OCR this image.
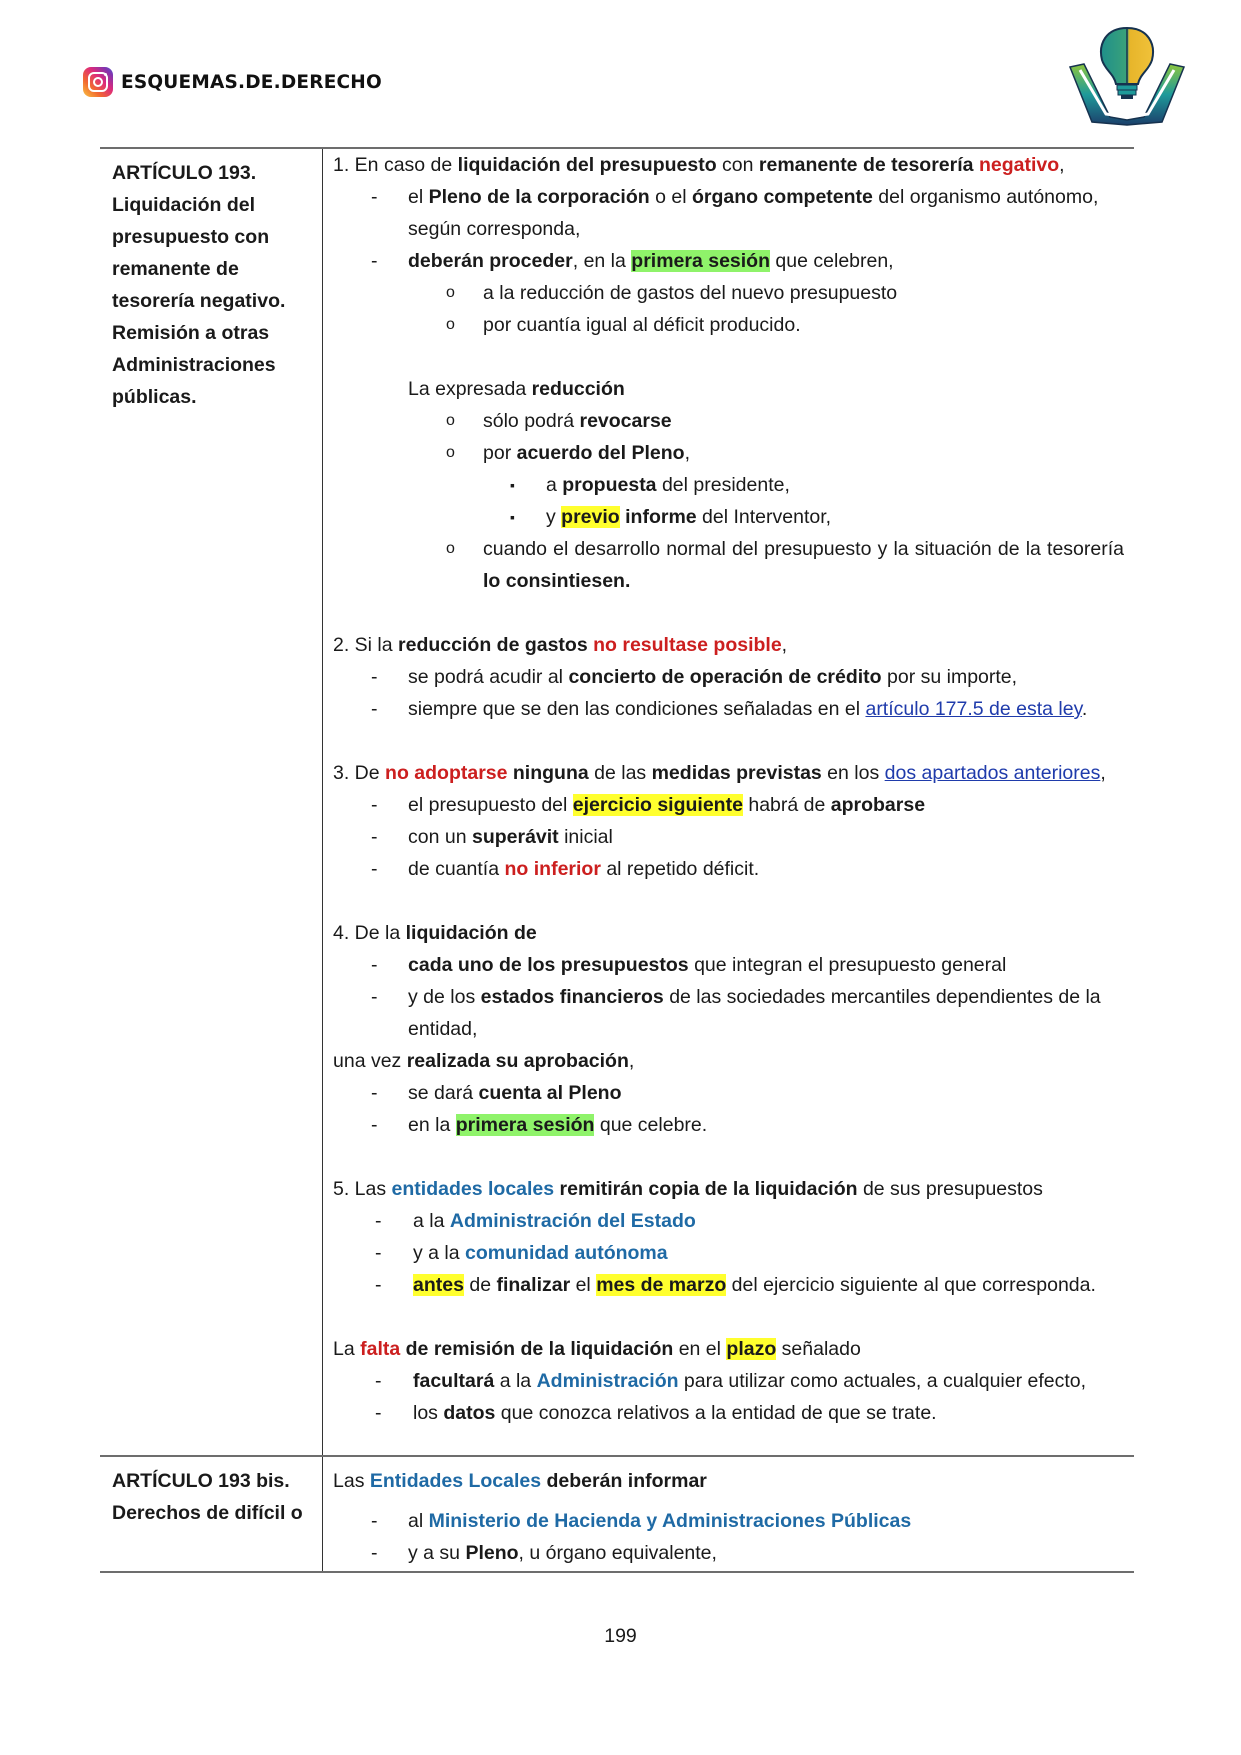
ESQUEMAS.DE.DERECHO
ARTÍCULO 193.
Liquidación del
presupuesto con
remanente de
tesorería negativo.
Remisión a otras
Administraciones
públicas.

1. En caso de liquidación del presupuesto con remanente de tesorería negativo,
- el Pleno de la corporación o el órgano competente del organismo autónomo,
según corresponda,
- deberán proceder, en la primera sesión que celebren,
o a la reducción de gastos del nuevo presupuesto
o por cuantía igual al déficit producido.
La expresada reducción
o sólo podrá revocarse
o por acuerdo del Pleno,
▪ a propuesta del presidente,
▪ y previo informe del Interventor,
o cuando el desarrollo normal del presupuesto y la situación de la tesorería lo consintiesen.
2. Si la reducción de gastos no resultase posible,
- se podrá acudir al concierto de operación de crédito por su importe,
- siempre que se den las condiciones señaladas en el artículo 177.5 de esta ley.
3. De no adoptarse ninguna de las medidas previstas en los dos apartados anteriores,
- el presupuesto del ejercicio siguiente habrá de aprobarse
- con un superávit inicial
- de cuantía no inferior al repetido déficit.
4. De la liquidación de
- cada uno de los presupuestos que integran el presupuesto general
- y de los estados financieros de las sociedades mercantiles dependientes de la
entidad,
una vez realizada su aprobación,
- se dará cuenta al Pleno
- en la primera sesión que celebre.
5. Las entidades locales remitirán copia de la liquidación de sus presupuestos
- a la Administración del Estado
- y a la comunidad autónoma
- antes de finalizar el mes de marzo del ejercicio siguiente al que corresponda.
La falta de remisión de la liquidación en el plazo señalado
- facultará a la Administración para utilizar como actuales, a cualquier efecto,
- los datos que conozca relativos a la entidad de que se trate.

ARTÍCULO 193 bis.
Derechos de difícil o

Las Entidades Locales deberán informar
- al Ministerio de Hacienda y Administraciones Públicas
- y a su Pleno, u órgano equivalente,
199
